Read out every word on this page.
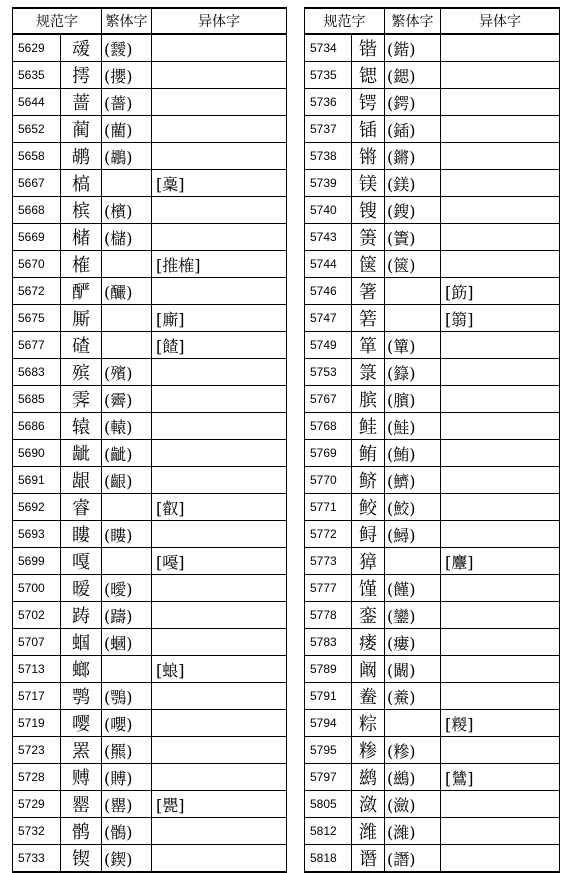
规范字		繁体字	异体字
5629	叆	(靉)	
5635	摴	(攖)	
5644	蔷	(薔)	
5652	蔺	(藺)	
5658	鹕	(鶘)	
5667	槁		[稾]
5668	槟	(檳)	
5669	槠	(櫧)	
5670	榷		[推榷]
5672	酽	(釅)	
5675	厮		[廝]
5677	碴		[餷]
5683	殡	(殯)	
5685	霁	(霽)	
5686	辕	(轅)	
5690	龇	(齜)	
5691	龈	(齦)	
5692	睿		[叡]
5693	瞜	(瞜)	
5699	嘎		[嘠]
5700	暧	(曖)	
5702	踌	(躊)	
5707	蝈	(蟈)	
5713	螂		[蜋]
5717	鹗	(鶚)	
5719	嘤	(嚶)	
5723	罴	(羆)	
5728	赙	(賻)	
5729	罂	(罌)	[甖]
5732	鹘	(鶻)	
5733	锲	(鍥)	
规范字		繁体字	异体字
5734	锴	(鍇)	
5735	锶	(鍶)	
5736	锷	(鍔)	
5737	锸	(鍤)	
5738	锵	(鏘)	
5739	镁	(鎂)	
5740	锼	(鎪)	
5743	箦	(簀)	
5744	箧	(篋)	
5746	箸		[筯]
5747	箬		[篛]
5749	箪	(簞)	
5753	箓	(籙)	
5767	膑	(臏)	
5768	鲑	(鮭)	
5769	鲔	(鮪)	
5770	鲚	(鱭)	
5771	鲛	(鮫)	
5772	鲟	(鱘)	
5773	獐		[麞]
5777	馑	(饉)	
5778	銮	(鑾)	
5783	瘘	(瘻)	
5789	阚	(闞)	
5791	鲞	(鯗)	
5794	粽		[糉]
5795	糁	(糝)	
5797	鹚	(鷀)	[鷥]
5805	潋	(瀲)	
5812	潍	(濰)	
5818	谮	(譖)	
